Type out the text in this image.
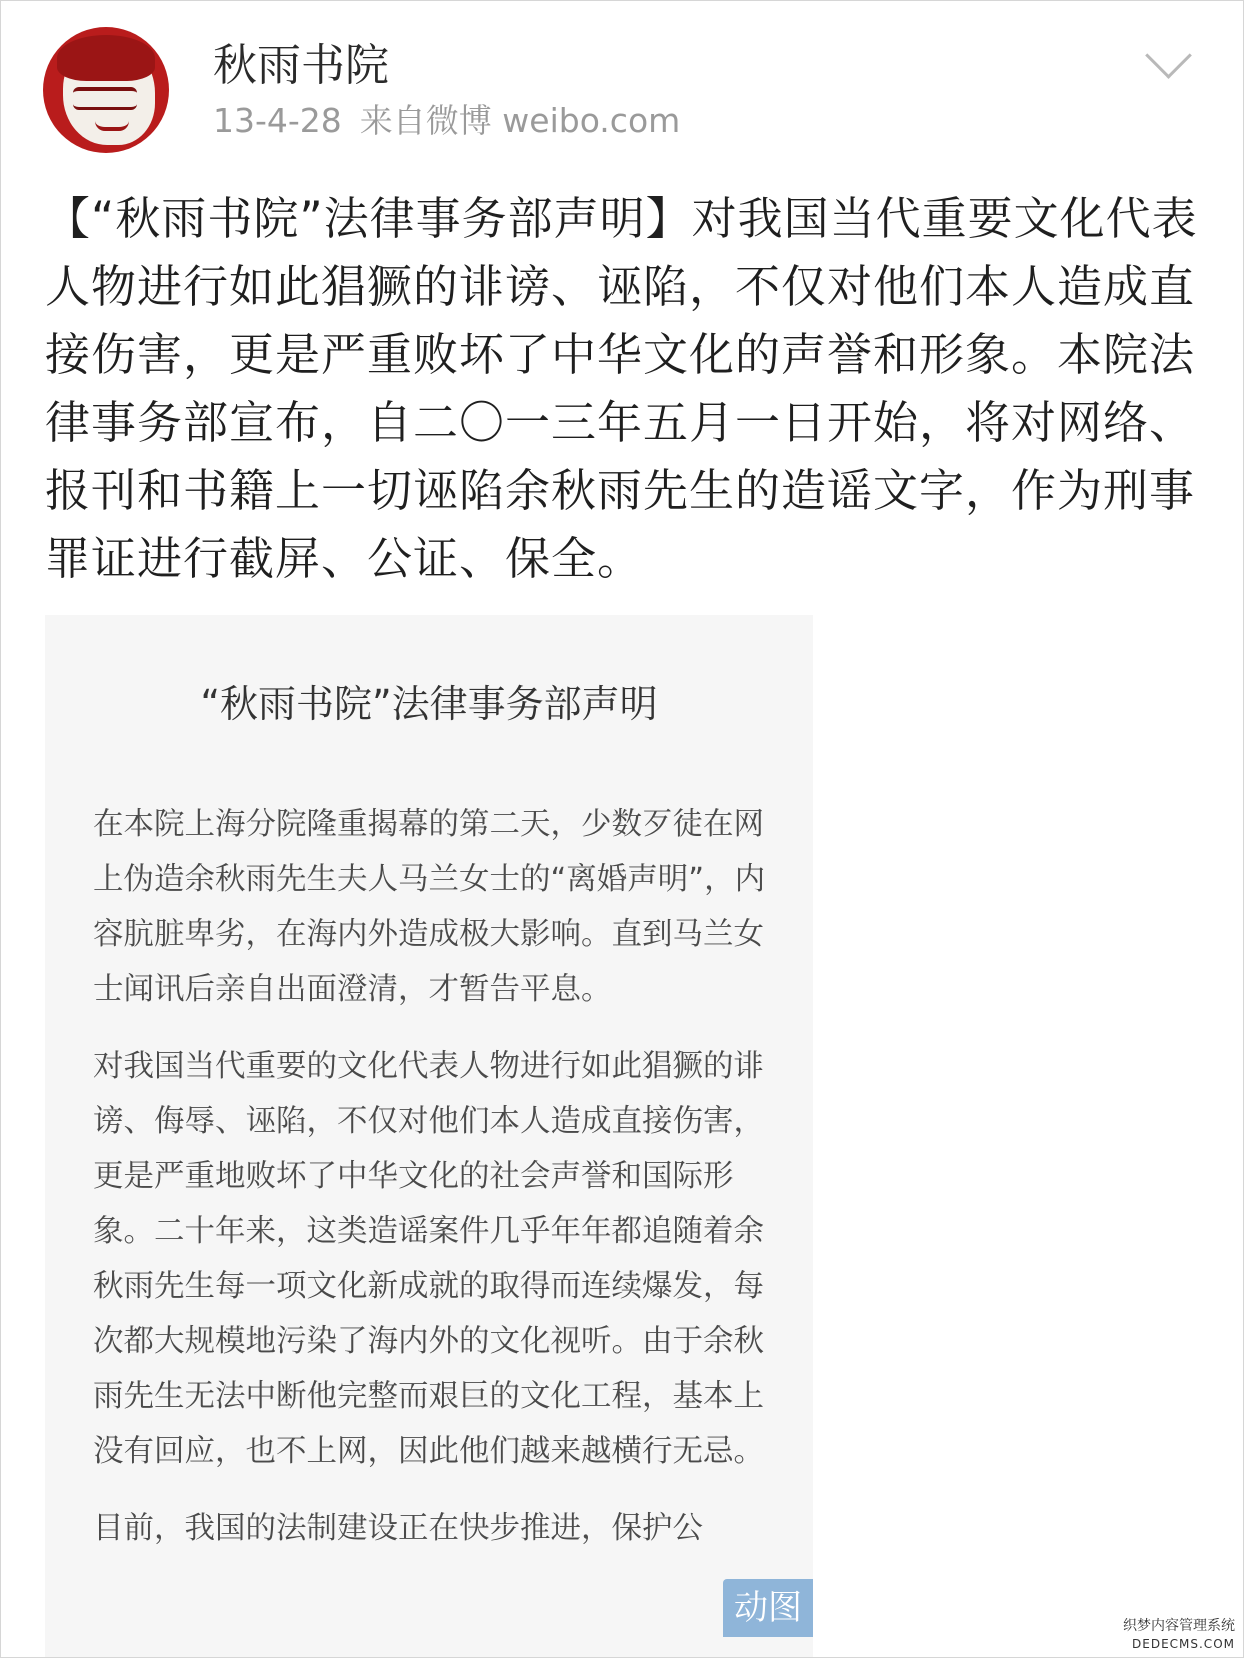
秋雨书院
13-4-28 来自微博 weibo.com
【“秋雨书院”法律事务部声明】对我国当代重要文化代表人物进行如此猖獗的诽谤、诬陷，不仅对他们本人造成直接伤害，更是严重败坏了中华文化的声誉和形象。本院法律事务部宣布，自二〇一三年五月一日开始，将对网络、报刊和书籍上一切诬陷余秋雨先生的造谣文字，作为刑事罪证进行截屏、公证、保全。
“秋雨书院”法律事务部声明

在本院上海分院隆重揭幕的第二天，少数歹徒在网上伪造余秋雨先生夫人马兰女士的“离婚声明”，内容肮脏卑劣，在海内外造成极大影响。直到马兰女士闻讯后亲自出面澄清，才暂告平息。

对我国当代重要的文化代表人物进行如此猖獗的诽谤、侮辱、诬陷，不仅对他们本人造成直接伤害，更是严重地败坏了中华文化的社会声誉和国际形象。二十年来，这类造谣案件几乎年年都追随着余秋雨先生每一项文化新成就的取得而连续爆发，每次都大规模地污染了海内外的文化视听。由于余秋雨先生无法中断他完整而艰巨的文化工程，基本上没有回应，也不上网，因此他们越来越横行无忌。

目前，我国的法制建设正在快步推进，保护公

动图	织梦内容管理系统
DEDECMS.COM
